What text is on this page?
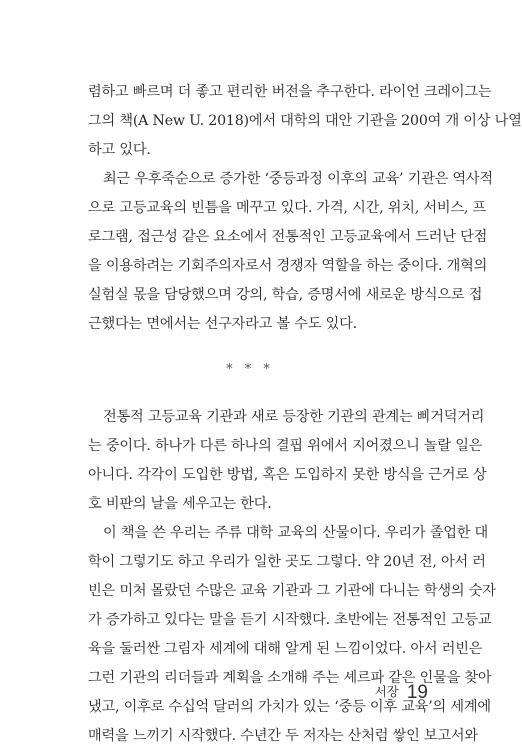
렴하고 빠르며 더 좋고 편리한 버전을 추구한다. 라이언 크레이그는
그의 책(A New U. 2018)에서 대학의 대안 기관을 200여 개 이상 나열
하고 있다.
최근 우후죽순으로 증가한 ‘중등과정 이후의 교육’ 기관은 역사적
으로 고등교육의 빈틈을 메꾸고 있다. 가격, 시간, 위치, 서비스, 프
로그램, 접근성 같은 요소에서 전통적인 고등교육에서 드러난 단점
을 이용하려는 기회주의자로서 경쟁자 역할을 하는 중이다. 개혁의
실험실 몫을 담당했으며 강의, 학습, 증명서에 새로운 방식으로 접
근했다는 면에서는 선구자라고 볼 수도 있다.
* * *
전통적 고등교육 기관과 새로 등장한 기관의 관계는 삐거덕거리
는 중이다. 하나가 다른 하나의 결핍 위에서 지어졌으니 놀랄 일은
아니다. 각각이 도입한 방법, 혹은 도입하지 못한 방식을 근거로 상
호 비판의 날을 세우고는 한다.
이 책을 쓴 우리는 주류 대학 교육의 산물이다. 우리가 졸업한 대
학이 그렇기도 하고 우리가 일한 곳도 그렇다. 약 20년 전, 아서 러
빈은 미처 몰랐던 수많은 교육 기관과 그 기관에 다니는 학생의 숫자
가 증가하고 있다는 말을 듣기 시작했다. 초반에는 전통적인 고등교
육을 둘러싼 그림자 세계에 대해 알게 된 느낌이었다. 아서 러빈은
그런 기관의 리더들과 계획을 소개해 주는 셰르파 같은 인물을 찾아
냈고, 이후로 수십억 달러의 가치가 있는 ‘중등 이후 교육’의 세계에
매력을 느끼기 시작했다. 수년간 두 저자는 산처럼 쌓인 보고서와
서장 19
